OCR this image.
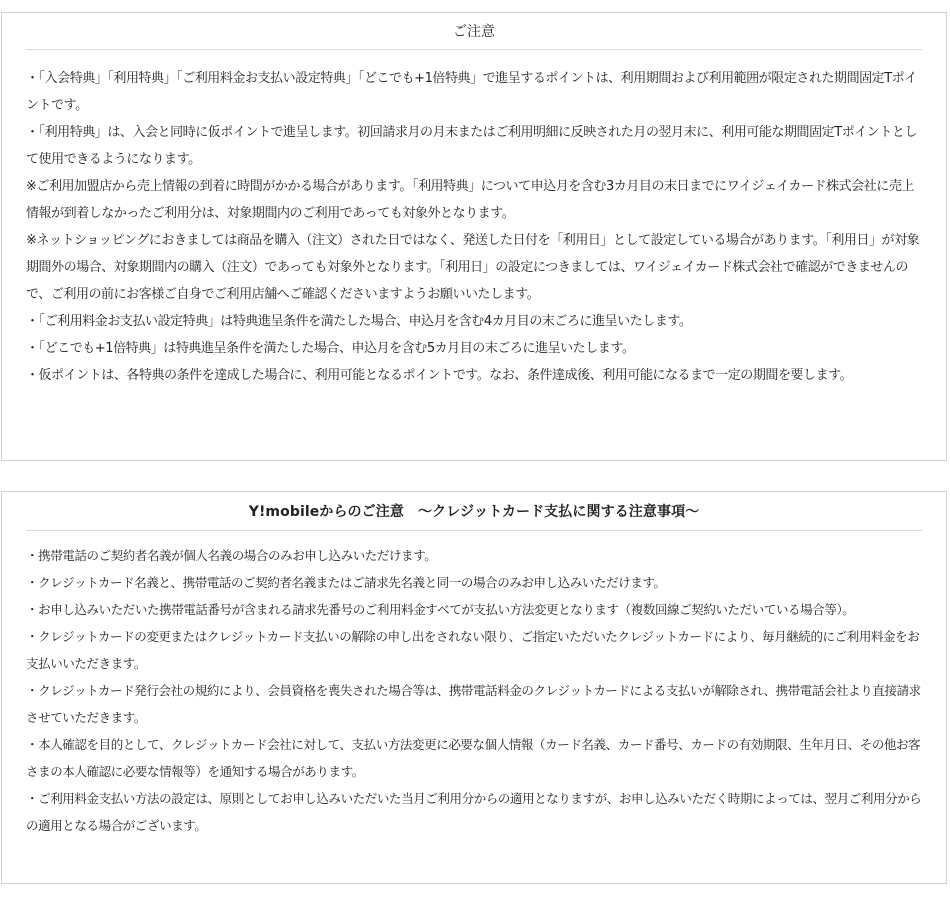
ご注意
・「入会特典」「利用特典」「ご利用料金お支払い設定特典」「どこでも+1倍特典」で進呈するポイントは、利用期間および利用範囲が限定された期間固定Tポイントです。
・「利用特典」は、入会と同時に仮ポイントで進呈します。初回請求月の月末またはご利用明細に反映された月の翌月末に、利用可能な期間固定Tポイントとして使用できるようになります。
※ご利用加盟店から売上情報の到着に時間がかかる場合があります。「利用特典」について申込月を含む3カ月目の末日までにワイジェイカード株式会社に売上情報が到着しなかったご利用分は、対象期間内のご利用であっても対象外となります。
※ネットショッピングにおきましては商品を購入（注文）された日ではなく、発送した日付を「利用日」として設定している場合があります。「利用日」が対象期間外の場合、対象期間内の購入（注文）であっても対象外となります。「利用日」の設定につきましては、ワイジェイカード株式会社で確認ができませんので、ご利用の前にお客様ご自身でご利用店舗へご確認くださいますようお願いいたします。
・「ご利用料金お支払い設定特典」は特典進呈条件を満たした場合、申込月を含む4カ月目の末ごろに進呈いたします。
・「どこでも+1倍特典」は特典進呈条件を満たした場合、申込月を含む5カ月目の末ごろに進呈いたします。
・仮ポイントは、各特典の条件を達成した場合に、利用可能となるポイントです。なお、条件達成後、利用可能になるまで一定の期間を要します。
Y!mobileからのご注意　～クレジットカード支払に関する注意事項～
・携帯電話のご契約者名義が個人名義の場合のみお申し込みいただけます。
・クレジットカード名義と、携帯電話のご契約者名義またはご請求先名義と同一の場合のみお申し込みいただけます。
・お申し込みいただいた携帯電話番号が含まれる請求先番号のご利用料金すべてが支払い方法変更となります（複数回線ご契約いただいている場合等）。
・クレジットカードの変更またはクレジットカード支払いの解除の申し出をされない限り、ご指定いただいたクレジットカードにより、毎月継続的にご利用料金をお支払いいただきます。
・クレジットカード発行会社の規約により、会員資格を喪失された場合等は、携帯電話料金のクレジットカードによる支払いが解除され、携帯電話会社より直接請求させていただきます。
・本人確認を目的として、クレジットカード会社に対して、支払い方法変更に必要な個人情報（カード名義、カード番号、カードの有効期限、生年月日、その他お客さまの本人確認に必要な情報等）を通知する場合があります。
・ご利用料金支払い方法の設定は、原則としてお申し込みいただいた当月ご利用分からの適用となりますが、お申し込みいただく時期によっては、翌月ご利用分からの適用となる場合がございます。
